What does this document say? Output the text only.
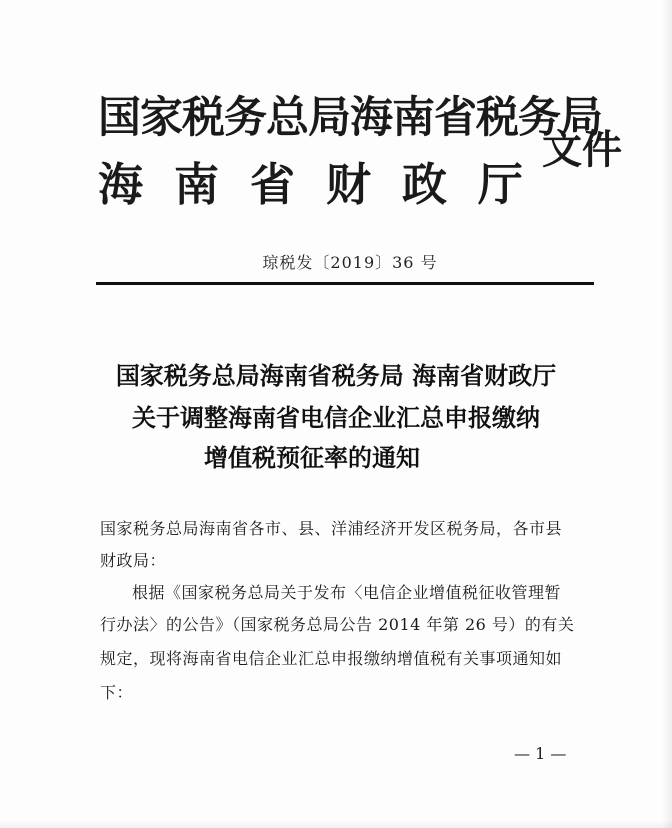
国家税务总局海南省税务局
海 南 省 财 政 厅
文件
琼税发〔2019〕36 号
国家税务总局海南省税务局 海南省财政厅
关于调整海南省电信企业汇总申报缴纳
增值税预征率的通知
国家税务总局海南省各市、县、洋浦经济开发区税务局，各市县
财政局：
根据《国家税务总局关于发布〈电信企业增值税征收管理暂
行办法〉的公告》（国家税务总局公告 2014 年第 26 号）的有关
规定，现将海南省电信企业汇总申报缴纳增值税有关事项通知如
下：
— 1 —
